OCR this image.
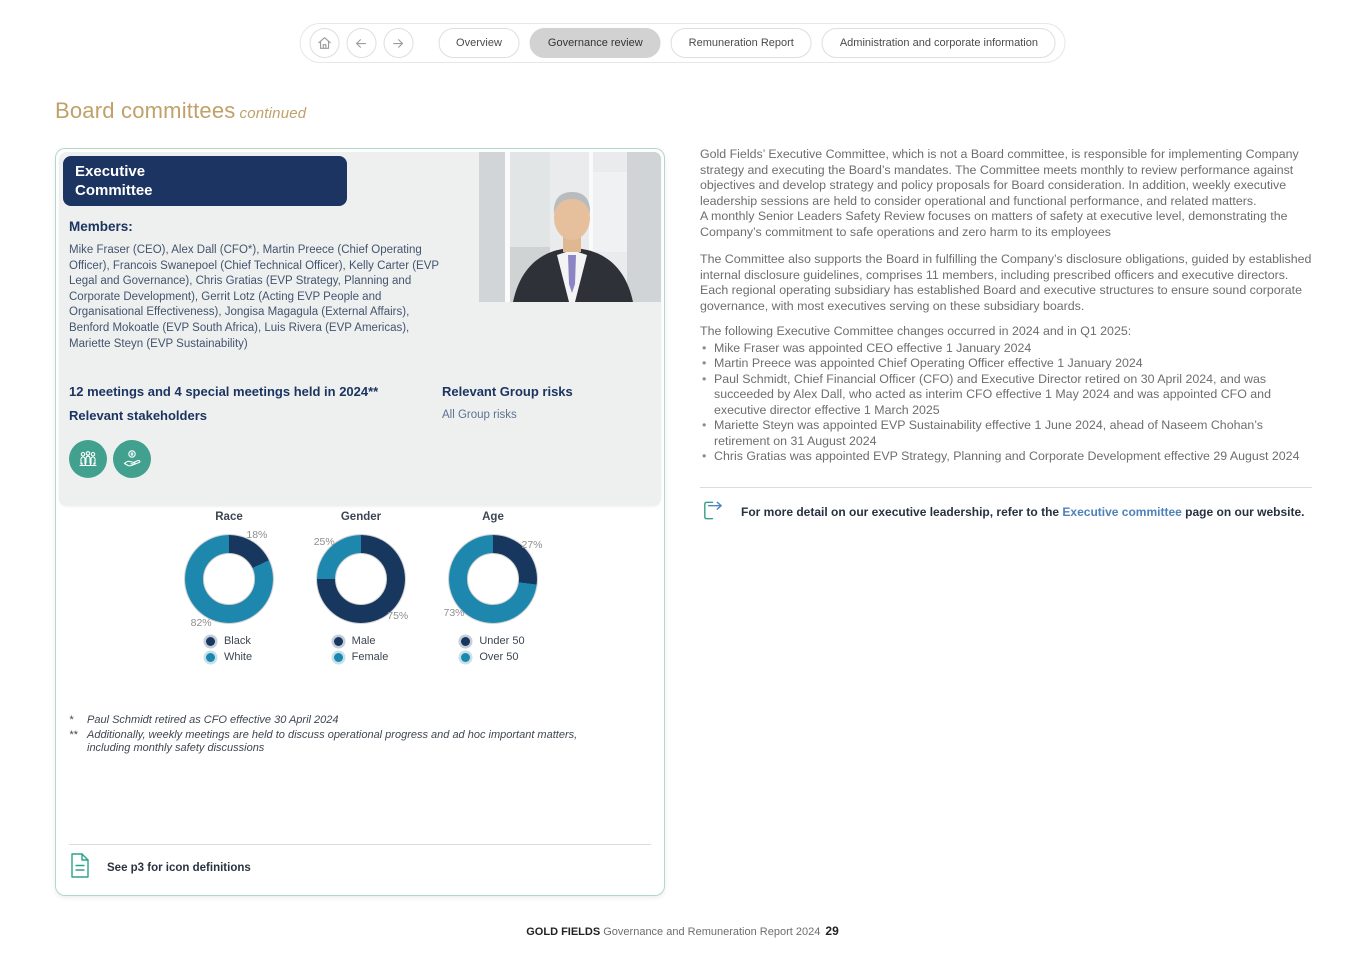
Overview	Governance review	Remuneration Report	Administration and corporate information
Board committees continued
Executive Committee
Members:
Mike Fraser (CEO), Alex Dall (CFO*), Martin Preece (Chief Operating Officer), Francois Swanepoel (Chief Technical Officer), Kelly Carter (EVP Legal and Governance), Chris Gratias (EVP Strategy, Planning and Corporate Development), Gerrit Lotz (Acting EVP People and Organisational Effectiveness), Jongisa Magagula (External Affairs), Benford Mokoatle (EVP South Africa), Luis Rivera (EVP Americas), Mariette Steyn (EVP Sustainability)
12 meetings and 4 special meetings held in 2024**	Relevant Group risks
Relevant stakeholders	All Group risks
Race
18%
82%
Black
White
Gender
75%
25%
Male
Female
Age
27%
73%
Under 50
Over 50
*	Paul Schmidt retired as CFO effective 30 April 2024
** Additionally, weekly meetings are held to discuss operational progress and ad hoc important matters, including monthly safety discussions
See p3 for icon definitions

Gold Fields’ Executive Committee, which is not a Board committee, is responsible for implementing Company strategy and executing the Board’s mandates. The Committee meets monthly to review performance against objectives and develop strategy and policy proposals for Board consideration. In addition, weekly executive leadership sessions are held to consider operational and functional performance, and related matters.

A monthly Senior Leaders Safety Review focuses on matters of safety at executive level, demonstrating the Company’s commitment to safe operations and zero harm to its employees

The Committee also supports the Board in fulfilling the Company’s disclosure obligations, guided by established internal disclosure guidelines, comprises 11 members, including prescribed officers and executive directors. Each regional operating subsidiary has established Board and executive structures to ensure sound corporate governance, with most executives serving on these subsidiary boards.

The following Executive Committee changes occurred in 2024 and in Q1 2025:

• Mike Fraser was appointed CEO effective 1 January 2024
• Martin Preece was appointed Chief Operating Officer effective 1 January 2024
• Paul Schmidt, Chief Financial Officer (CFO) and Executive Director retired on 30 April 2024, and was succeeded by Alex Dall, who acted as interim CFO effective 1 May 2024 and was appointed CFO and executive director effective 1 March 2025
• Mariette Steyn was appointed EVP Sustainability effective 1 June 2024, ahead of Naseem Chohan’s retirement on 31 August 2024
• Chris Gratias was appointed EVP Strategy, Planning and Corporate Development effective 29 August 2024
For more detail on our executive leadership, refer to the Executive committee page on our website.
GOLD FIELDS Governance and Remuneration Report 2024 29
